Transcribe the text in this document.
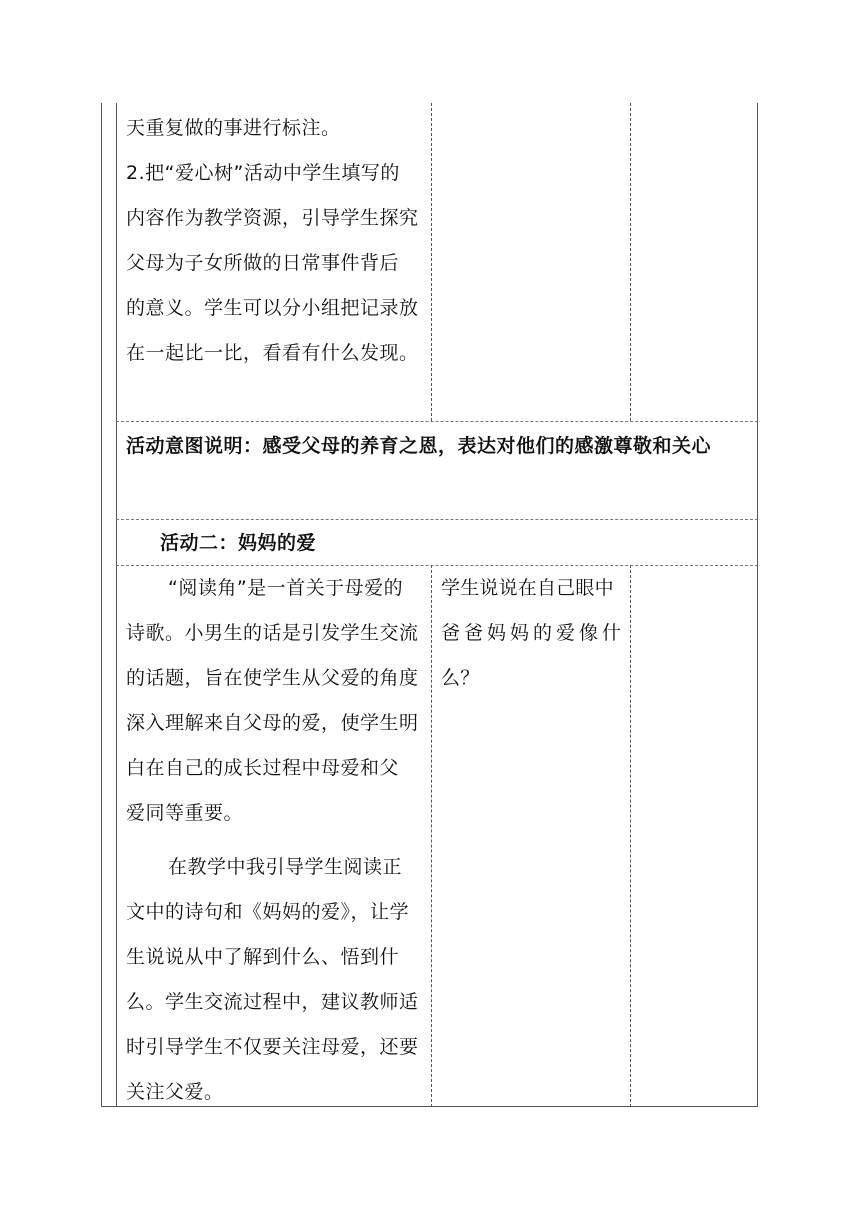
天重复做的事进行标注。

2.把“爱心树”活动中学生填写的

内容作为教学资源，引导学生探究

父母为子女所做的日常事件背后

的意义。学生可以分小组把记录放

在一起比一比，看看有什么发现。

活动意图说明：感受父母的养育之恩，表达对他们的感激尊敬和关心

活动二：妈妈的爱

“阅读角”是一首关于母爱的

诗歌。小男生的话是引发学生交流

的话题，旨在使学生从父爱的角度

深入理解来自父母的爱，使学生明

白在自己的成长过程中母爱和父

爱同等重要。

在教学中我引导学生阅读正

文中的诗句和《妈妈的爱》，让学

生说说从中了解到什么、悟到什

么。学生交流过程中，建议教师适

时引导学生不仅要关注母爱，还要

关注父爱。

学生说说在自己眼中

爸爸妈妈的爱像什

么？
